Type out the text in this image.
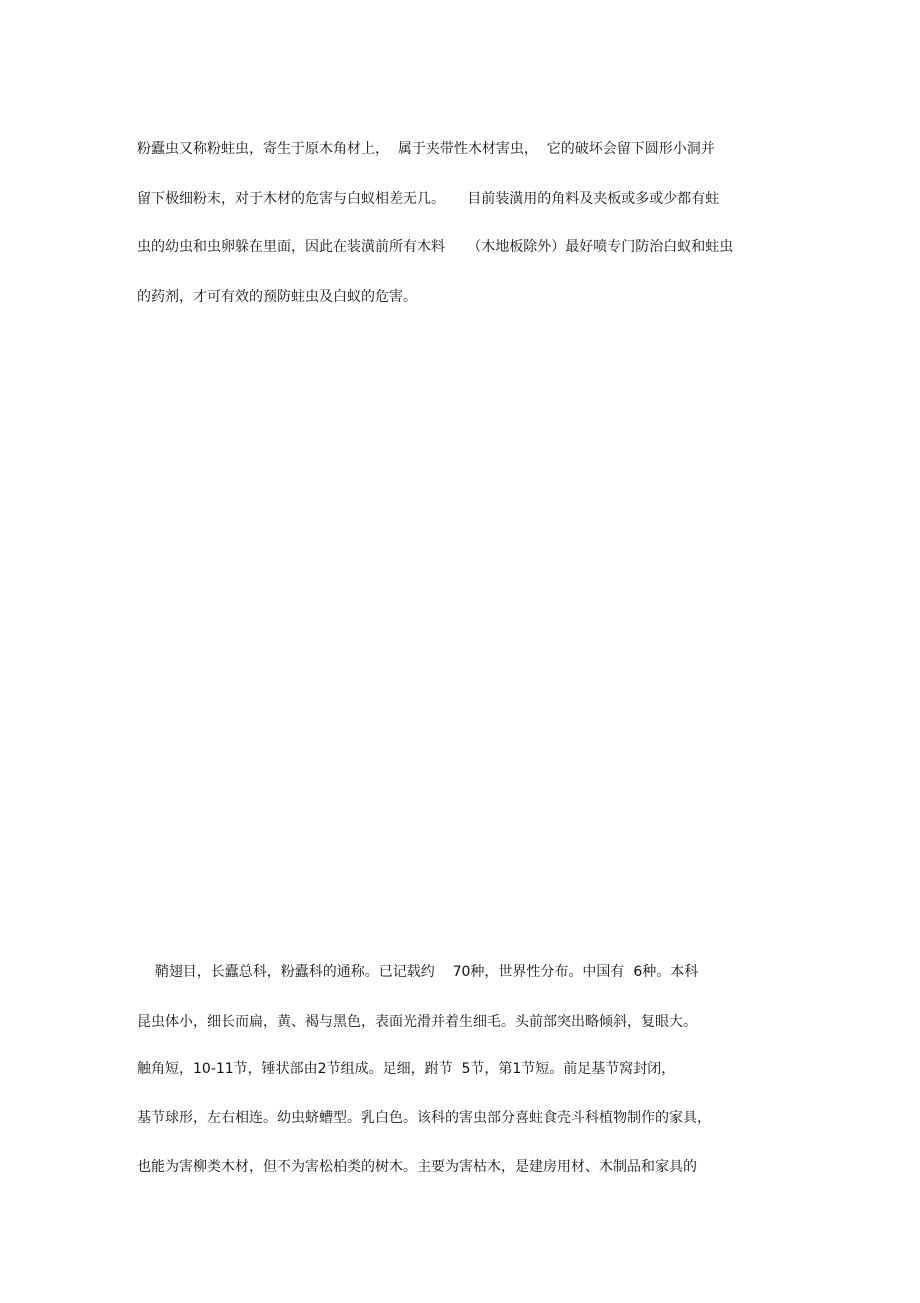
粉蠹虫又称粉蛀虫，寄生于原木角材上，  属于夹带性木材害虫，  它的破坏会留下圆形小洞并

留下极细粉末，对于木材的危害与白蚁相差无几。     目前装潢用的角料及夹板或多或少都有蛀

虫的幼虫和虫卵躲在里面，因此在装潢前所有木料     （木地板除外）最好喷专门防治白蚁和蛀虫

的药剂，才可有效的预防蛀虫及白蚁的危害。

鞘翅目，长蠹总科，粉蠹科的通称。已记载约    70种，世界性分布。中国有  6种。本科

昆虫体小，细长而扁，黄、褐与黑色，表面光滑并着生细毛。头前部突出略倾斜，复眼大。

触角短，10-11节，锤状部由2节组成。足细，跗节  5节，第1节短。前足基节窝封闭，

基节球形，左右相连。幼虫蛴螬型。乳白色。该科的害虫部分喜蛀食壳斗科植物制作的家具，

也能为害柳类木材，但不为害松柏类的树木。主要为害枯木，是建房用材、木制品和家具的
